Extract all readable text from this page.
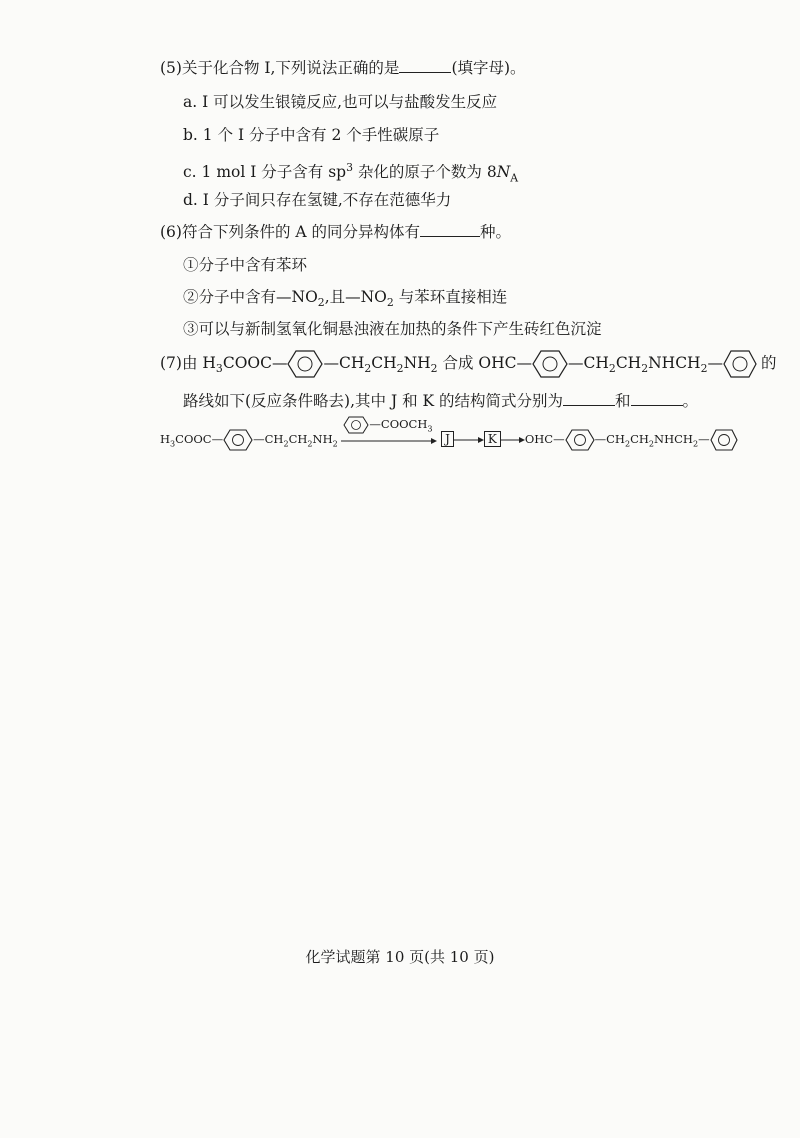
(5)关于化合物 I,下列说法正确的是	(填字母)。
a. I 可以发生银镜反应,也可以与盐酸发生反应
b. 1 个 I 分子中含有 2 个手性碳原子
c. 1 mol I 分子含有 $sp^3$ 杂化的原子个数为 $8N_A$
d. I 分子间只存在氢键,不存在范德华力
(6)符合下列条件的 A 的同分异构体有	种。
①分子中含有苯环
②分子中含有$—NO_2$,且$—NO_2$ 与苯环直接相连
③可以与新制氢氧化铜悬浊液在加热的条件下产生砖红色沉淀
(7)由 $H_3COOC—$ $—CH_2CH_2NH_2$ 合成 OHC— $—CH_2CH_2NHCH_2—$ 的
路线如下(反应条件略去),其中 J 和 K 的结构简式分别为	和	。
$H_3COOC—$	$—CH_2CH_2NH_2$
$—COOCH_3$
J	K OHC—	$—CH_2CH_2NHCH_2—$
化学试题第 10 页(共 10 页)
